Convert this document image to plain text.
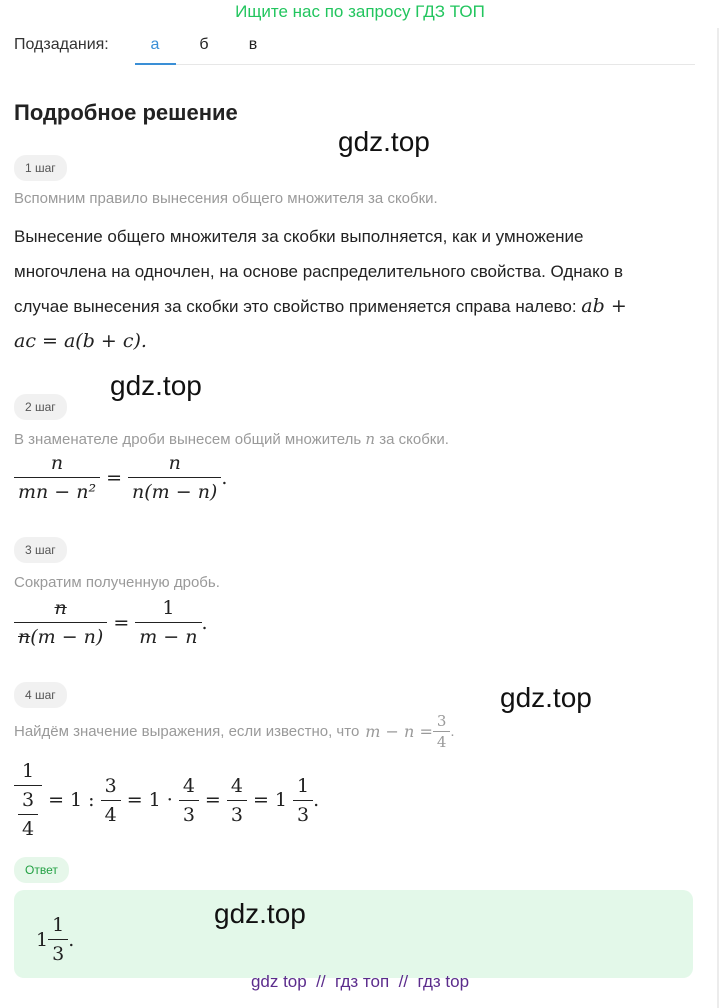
Ищите нас по запросу ГДЗ ТОП
Подзадания:	а	б	в
Подробное решение
gdz.top
gdz.top
gdz.top
1 шаг
Вспомним правило вынесения общего множителя за скобки.
Вынесение общего множителя за скобки выполняется, как и умножение
многочлена на одночлен, на основе распределительного свойства. Однако в
случае вынесения за скобки это свойство применяется справа налево: ab +
ac = a(b + c).
2 шаг
В знаменателе дроби вынесем общий множитель n за скобки.
$\frac{n}{\text{mn − n²}} = \frac{n}{n(m - n)}$ .
3 шаг
Сократим полученную дробь.
$\frac{n}{n(m - n)} = \frac{1}{m - n}$ .
4 шаг
Найдём значение выражения, если известно, что $m - n = \frac{3}{4}$ .
$\frac{1}{\frac{3}{4}} = 1$ : $\frac{3}{4} = 1 \cdot \frac{4}{3} = \frac{4}{3} = 1 \frac{1}{3}$ .
Ответ
$1 \frac{1}{3}$ .
gdz.top
gdz top  //  гдз топ  //  гдз top
